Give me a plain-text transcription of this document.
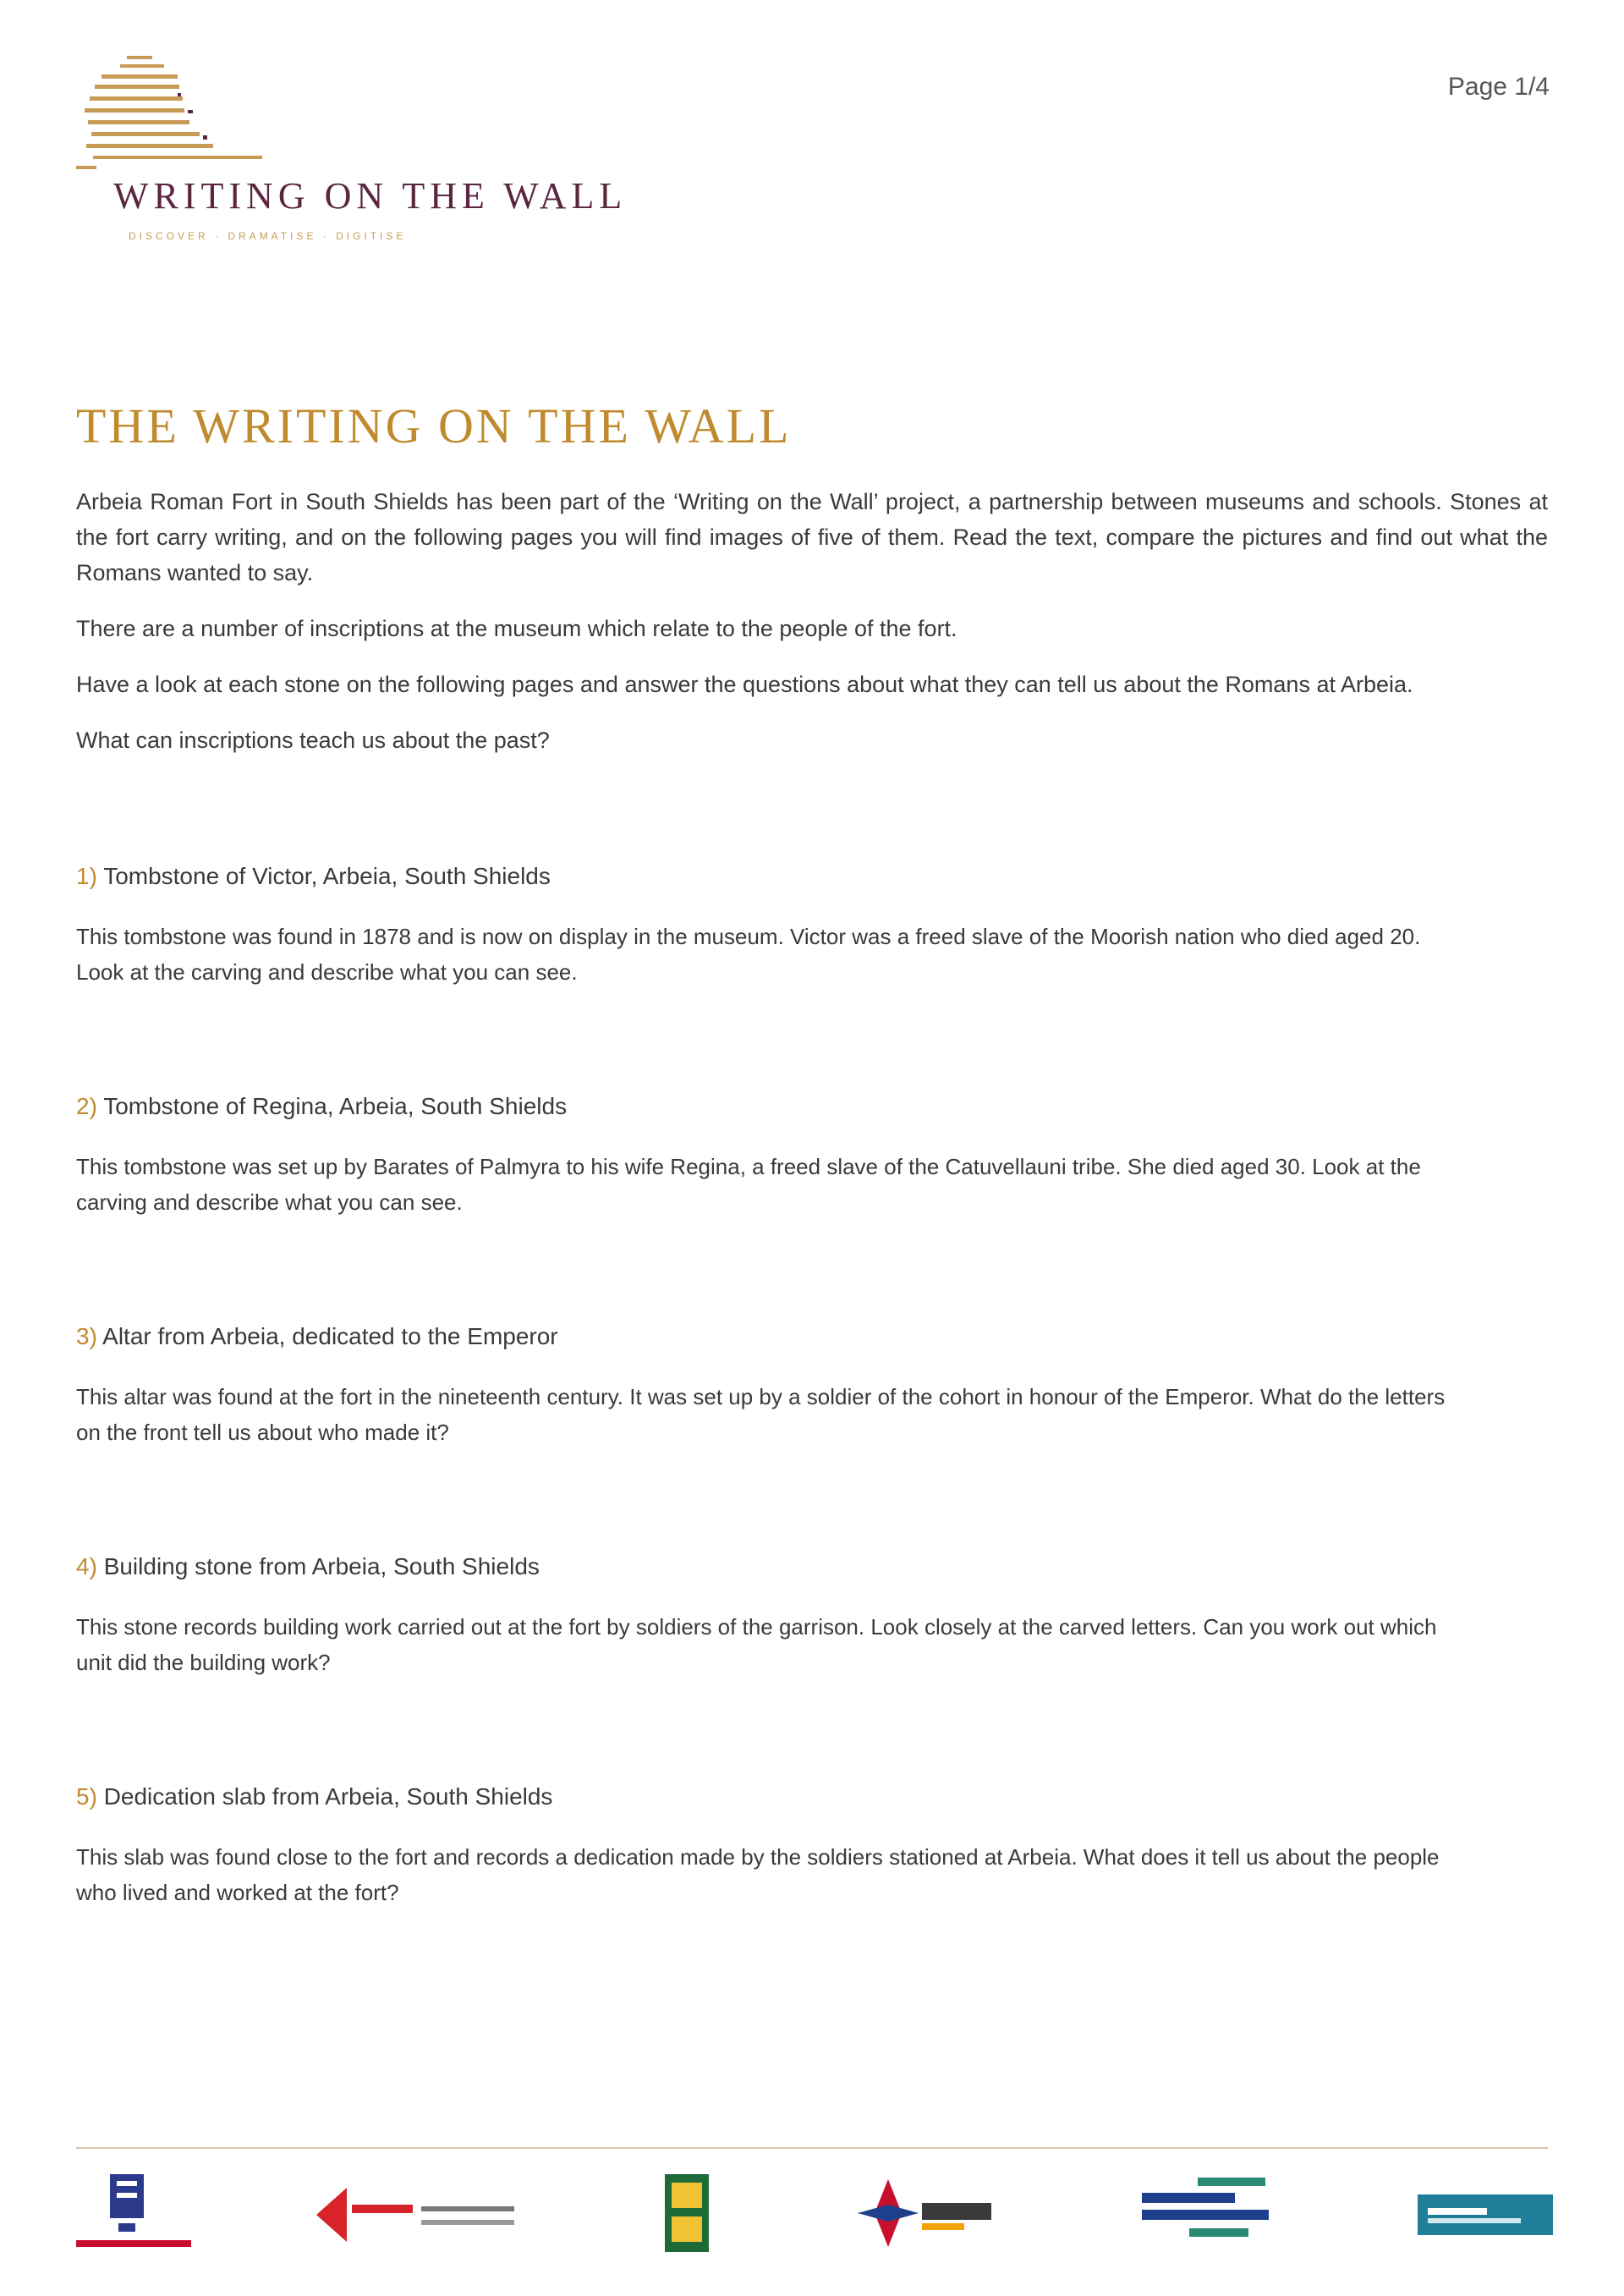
WRITING ON THE WALL
DISCOVER · DRAMATISE · DIGITISE
Page 1/4
THE WRITING ON THE WALL

Arbeia Roman Fort in South Shields has been part of the ‘Writing on the Wall’ project, a partnership between museums and schools. Stones at the fort carry writing, and on the following pages you will find images of five of them. Read the text, compare the pictures and find out what the Romans wanted to say.

There are a number of inscriptions at the museum which relate to the people of the fort.

Have a look at each stone on the following pages and answer the questions about what they can tell us about the Romans at Arbeia.

What can inscriptions teach us about the past?

1) Tombstone of Victor, Arbeia, South Shields

This tombstone was found in 1878 and is now on display in the museum. Victor was a freed slave of the Moorish nation who died aged 20. Look at the carving and describe what you can see.

2) Tombstone of Regina, Arbeia, South Shields

This tombstone was set up by Barates of Palmyra to his wife Regina, a freed slave of the Catuvellauni tribe. She died aged 30. Look at the carving and describe what you can see.

3) Altar from Arbeia, dedicated to the Emperor

This altar was found at the fort in the nineteenth century. It was set up by a soldier of the cohort in honour of the Emperor. What do the letters on the front tell us about who made it?

4) Building stone from Arbeia, South Shields

This stone records building work carried out at the fort by soldiers of the garrison. Look closely at the carved letters. Can you work out which unit did the building work?

5) Dedication slab from Arbeia, South Shields

This slab was found close to the fort and records a dedication made by the soldiers stationed at Arbeia. What does it tell us about the people who lived and worked at the fort?
